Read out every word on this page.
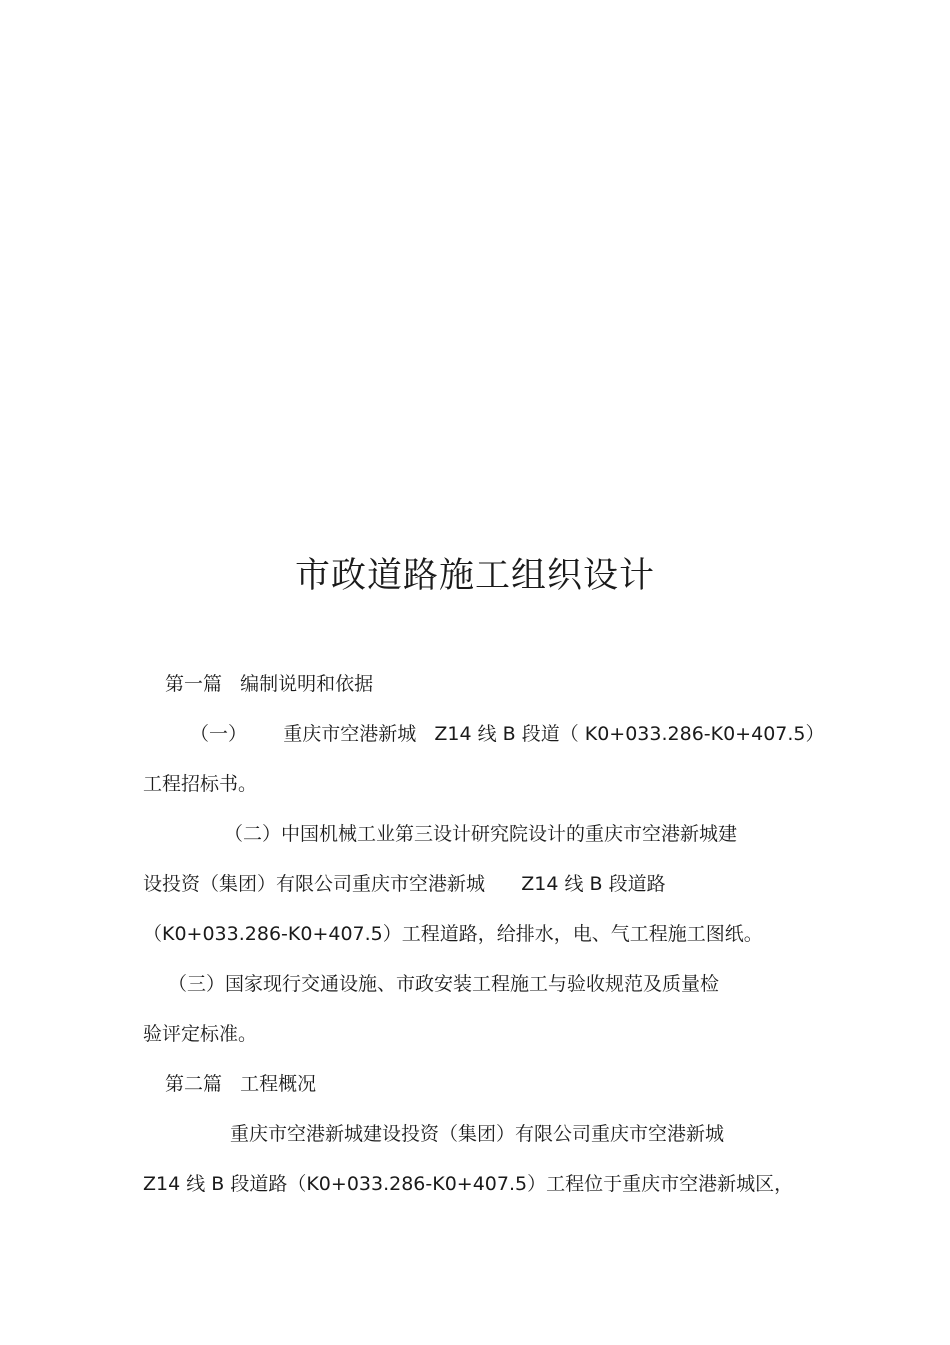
市政道路施工组织设计

第一篇   编制说明和依据

（一）      重庆市空港新城   Z14 线 B 段道（ K0+033.286-K0+407.5）

工程招标书。

（二）中国机械工业第三设计研究院设计的重庆市空港新城建

设投资（集团）有限公司重庆市空港新城      Z14 线 B 段道路

（K0+033.286-K0+407.5）工程道路，给排水，电、气工程施工图纸。

（三）国家现行交通设施、市政安装工程施工与验收规范及质量检

验评定标准。

第二篇   工程概况

重庆市空港新城建设投资（集团）有限公司重庆市空港新城

Z14 线 B 段道路（K0+033.286-K0+407.5）工程位于重庆市空港新城区，
